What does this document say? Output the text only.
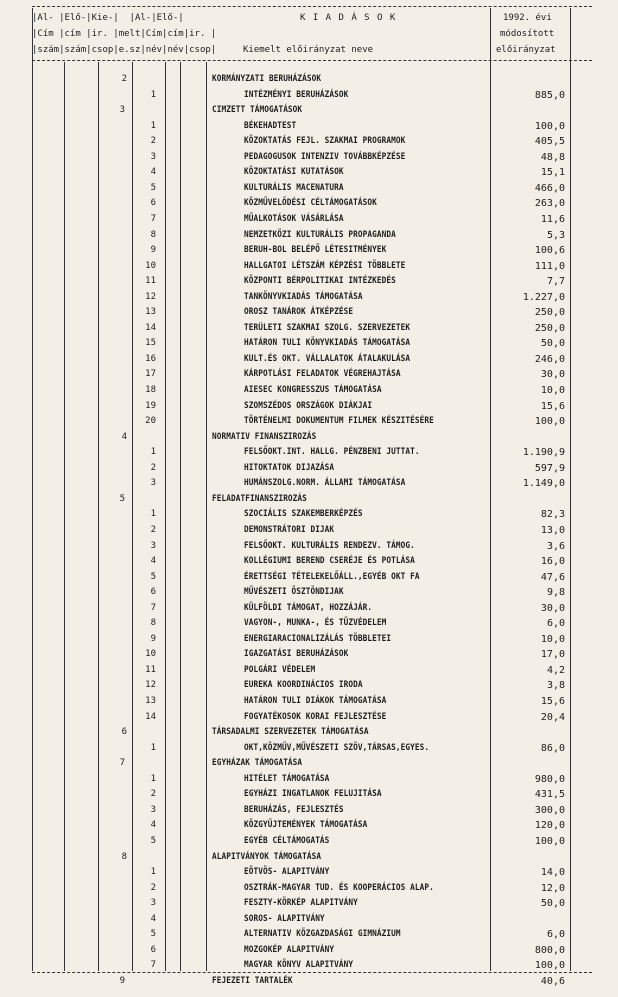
|Al- |Elő-|Kie-|  |Al-|Elő-|
|Cím |cím |ir. |melt|Cím|cím|ir. |
|szám|szám|csop|e.sz|név|név|csop|
K I A D Á S O K
Kiemelt előirányzat neve
1992. évi
módosított
előirányzat
2	KORMÁNYZATI BERUHÁZÁSOK
1	INTÉZMÉNYI BERUHÁZÁSOK	885,0
3	CIMZETT TÁMOGATÁSOK
1	BÉKEHADTEST	100,0
2	KÖZOKTATÁS FEJL. SZAKMAI PROGRAMOK	405,5
3	PEDAGOGUSOK INTENZIV TOVÁBBKÉPZÉSE	48,8
4	KÖZOKTATÁSI KUTATÁSOK	15,1
5	KULTURÁLIS MACENATURA	466,0
6	KÖZMŰVELŐDÉSI CÉLTÁMOGATÁSOK	263,0
7	MŰALKOTÁSOK VÁSÁRLÁSA	11,6
8	NEMZETKÖZI KULTURÁLIS PROPAGANDA	5,3
9	BERUH-BOL BELÉPŐ LÉTESITMÉNYEK	100,6
10	HALLGATOI LÉTSZÁM KÉPZÉSI TÖBBLETE	111,0
11	KÖZPONTI BÉRPOLITIKAI INTÉZKEDÉS	7,7
12	TANKÖNYVKIADÁS TÁMOGATÁSA	1.227,0
13	OROSZ TANÁROK ÁTKÉPZÉSE	250,0
14	TERÜLETI SZAKMAI SZOLG. SZERVEZETEK	250,0
15	HATÁRON TULI KÖNYVKIADÁS TÁMOGATÁSA	50,0
16	KULT.ÉS OKT. VÁLLALATOK ÁTALAKULÁSA	246,0
17	KÁRPOTLÁSI FELADATOK VÉGREHAJTÁSA	30,0
18	AIESEC KONGRESSZUS TÁMOGATÁSA	10,0
19	SZOMSZÉDOS ORSZÁGOK DIÁKJAI	15,6
20	TÖRTÉNELMI DOKUMENTUM FILMEK KÉSZITÉSÉRE	100,0
4	NORMATIV FINANSZIROZÁS
1	FELSŐOKT.INT. HALLG. PÉNZBENI JUTTAT.	1.190,9
2	HITOKTATOK DIJAZÁSA	597,9
3	HUMÁNSZOLG.NORM. ÁLLAMI TÁMOGATÁSA	1.149,0
5	FELADATFINANSZIROZÁS
1	SZOCIÁLIS SZAKEMBERKÉPZÉS	82,3
2	DEMONSTRÁTORI DIJAK	13,0
3	FELSŐOKT. KULTURÁLIS RENDEZV. TÁMOG.	3,6
4	KOLLÉGIUMI BEREND CSERÉJE ÉS POTLÁSA	16,0
5	ÉRETTSÉGI TÉTELEKELŐÁLL.,EGYÉB OKT FA	47,6
6	MŰVÉSZETI ÖSZTÖNDIJAK	9,8
7	KÜLFÖLDI TÁMOGAT, HOZZÁJÁR.	30,0
8	VAGYON-, MUNKA-, ÉS TÜZVÉDELEM	6,0
9	ENERGIARACIONALIZÁLÁS TÖBBLETEI	10,0
10	IGAZGATÁSI BERUHÁZÁSOK	17,0
11	POLGÁRI VÉDELEM	4,2
12	EUREKA KOORDINÁCIOS IRODA	3,8
13	HATÁRON TULI DIÁKOK TÁMOGATÁSA	15,6
14	FOGYATÉKOSOK KORAI FEJLESZTÉSE	20,4
6	TÁRSADALMI SZERVEZETEK TÁMOGATÁSA
1	OKT,KÖZMŰV,MŰVÉSZETI SZÖV,TÁRSAS,EGYES.	86,0
7	EGYHÁZAK TÁMOGATÁSA
1	HITÉLET TÁMOGATÁSA	980,0
2	EGYHÁZI INGATLANOK FELUJITÁSA	431,5
3	BERUHÁZÁS, FEJLESZTÉS	300,0
4	KÖZGYŰJTEMÉNYEK TÁMOGATÁSA	120,0
5	EGYÉB CÉLTÁMOGATÁS	100,0
8	ALAPITVÁNYOK TÁMOGATÁSA
1	EÖTVÖS- ALAPITVÁNY	14,0
2	OSZTRÁK-MAGYAR TUD. ÉS KOOPERÁCIOS ALAP.	12,0
3	FESZTY-KÖRKÉP ALAPITVÁNY	50,0
4	SOROS- ALAPITVÁNY
5	ALTERNATIV KÖZGAZDASÁGI GIMNÁZIUM	6,0
6	MOZGOKÉP ALAPITVÁNY	800,0
7	MAGYAR KÖNYV ALAPITVÁNY	100,0
9	FEJEZETI TARTALÉK	40,6
